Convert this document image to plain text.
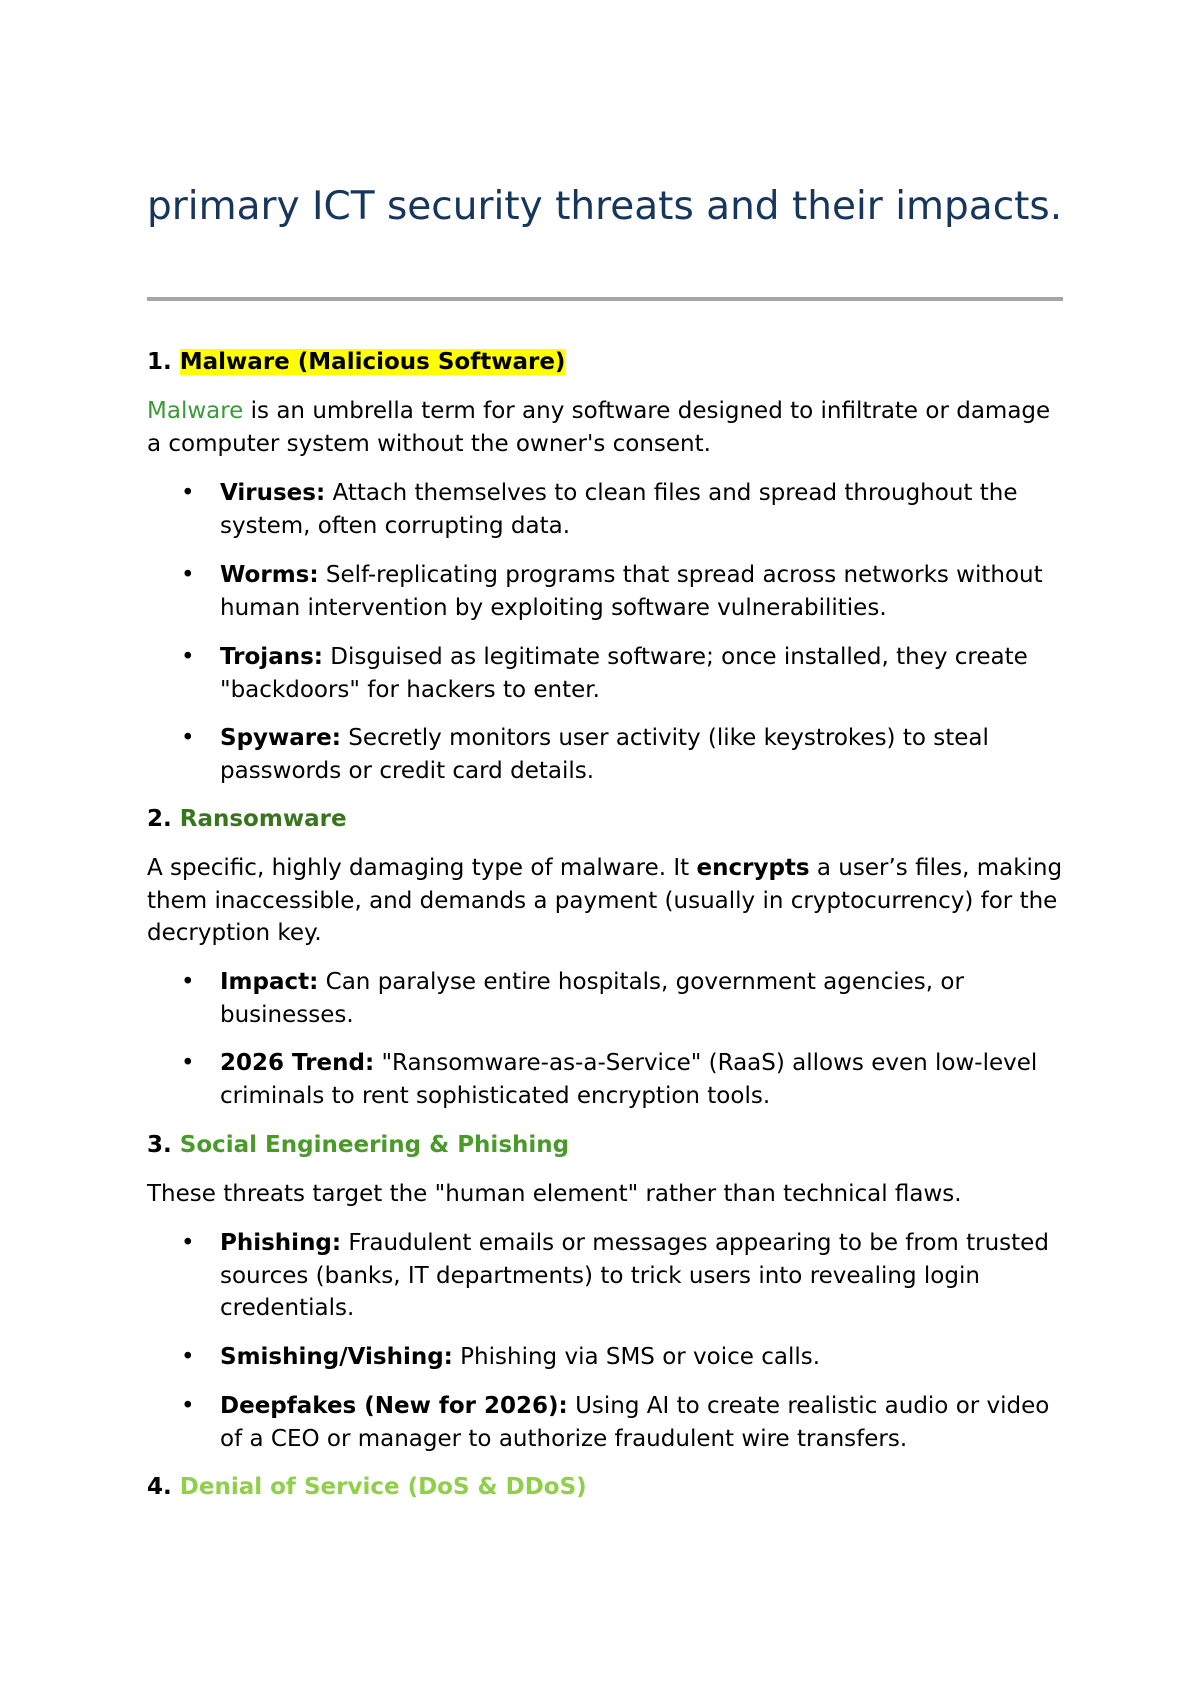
primary ICT security threats and their impacts.
1. Malware (Malicious Software)

Malware is an umbrella term for any software designed to infiltrate or damage a computer system without the owner's consent.

• Viruses: Attach themselves to clean files and spread throughout the system, often corrupting data.
• Worms: Self-replicating programs that spread across networks without human intervention by exploiting software vulnerabilities.
• Trojans: Disguised as legitimate software; once installed, they create "backdoors" for hackers to enter.
• Spyware: Secretly monitors user activity (like keystrokes) to steal passwords or credit card details.
2. Ransomware

A specific, highly damaging type of malware. It encrypts a user’s files, making them inaccessible, and demands a payment (usually in cryptocurrency) for the decryption key.

• Impact: Can paralyse entire hospitals, government agencies, or businesses.
• 2026 Trend: "Ransomware-as-a-Service" (RaaS) allows even low-level criminals to rent sophisticated encryption tools.
3. Social Engineering & Phishing

These threats target the "human element" rather than technical flaws.

• Phishing: Fraudulent emails or messages appearing to be from trusted sources (banks, IT departments) to trick users into revealing login credentials.
• Smishing/Vishing: Phishing via SMS or voice calls.
• Deepfakes (New for 2026): Using AI to create realistic audio or video of a CEO or manager to authorize fraudulent wire transfers.
4. Denial of Service (DoS & DDoS)
